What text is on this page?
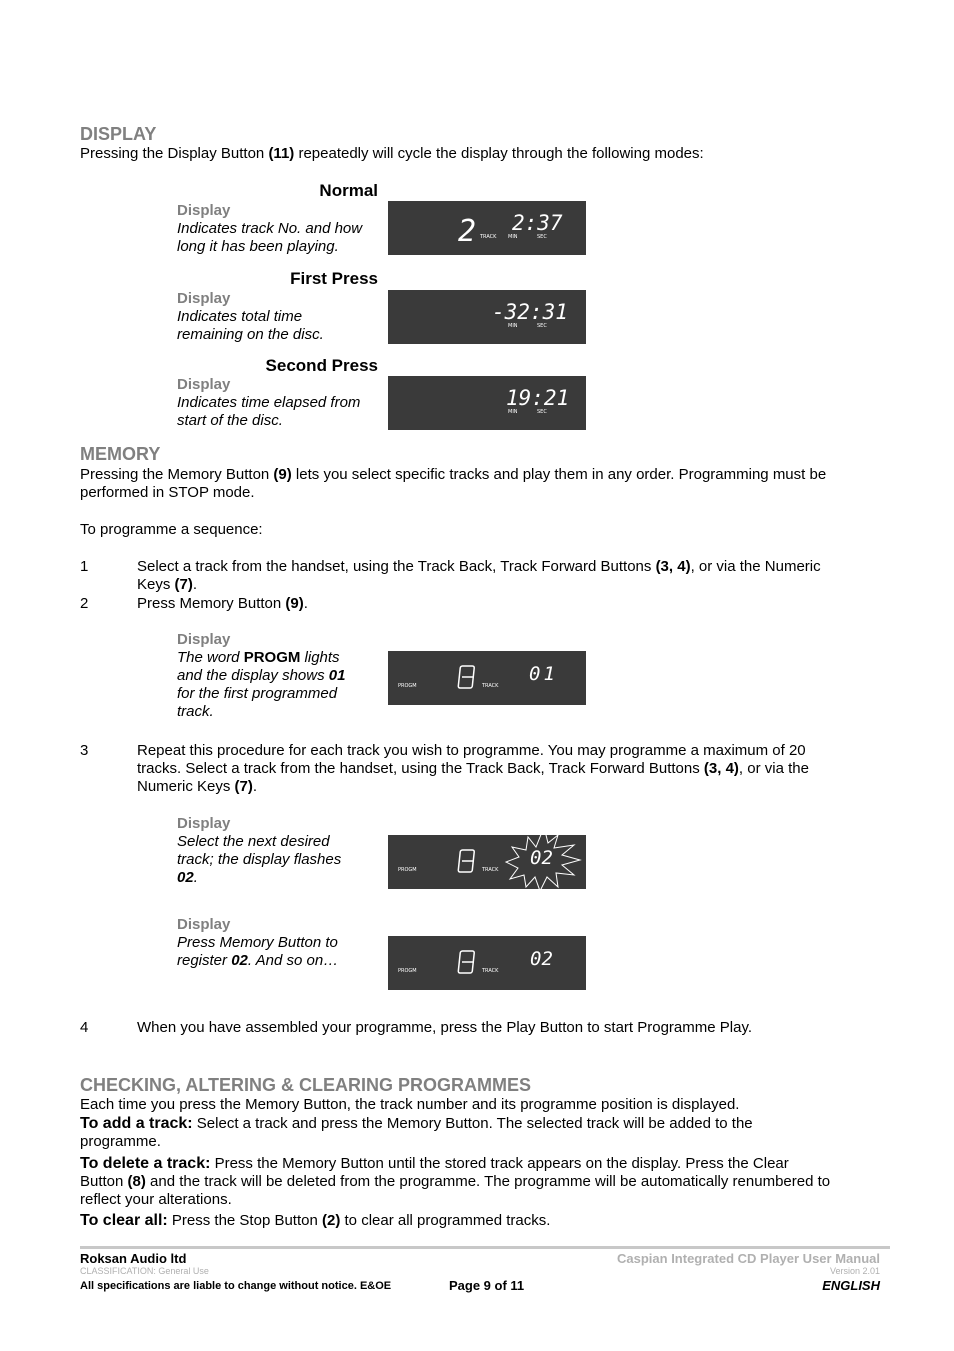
DISPLAY
Pressing the Display Button (11) repeatedly will cycle the display through the following modes:
Normal
Display
Indicates track No. and how
long it has been playing.	2 TRACK
2:37
MIN	SEC
First Press
Display
Indicates total time
remaining on the disc.
-32:31
MIN	SEC
Second Press
Display
Indicates time elapsed from
start of the disc.
19:21
MIN	SEC
MEMORY
Pressing the Memory Button (9) lets you select specific tracks and play them in any order. Programming must be
performed in STOP mode.
To programme a sequence:
1	Select a track from the handset, using the Track Back, Track Forward Buttons (3, 4), or via the Numeric
Keys (7).
2	Press Memory Button (9).
Display
The word PROGM lights
and the display shows 01
for the first programmed
track.
PROGM	TRACK
01
3	Repeat this procedure for each track you wish to programme. You may programme a maximum of 20
tracks. Select a track from the handset, using the Track Back, Track Forward Buttons (3, 4), or via the
Numeric Keys (7).
Display
Select the next desired
track; the display flashes
02.	PROGM	TRACK
02
Display
Press Memory Button to
register 02. And so on…
PROGM	TRACK
02
4	When you have assembled your programme, press the Play Button to start Programme Play.
CHECKING, ALTERING & CLEARING PROGRAMMES
Each time you press the Memory Button, the track number and its programme position is displayed.
To add a track: Select a track and press the Memory Button. The selected track will be added to the
programme.
To delete a track: Press the Memory Button until the stored track appears on the display. Press the Clear
Button (8) and the track will be deleted from the programme. The programme will be automatically renumbered to
reflect your alterations.
To clear all: Press the Stop Button (2) to clear all programmed tracks.
Roksan Audio ltd
CLASSIFICATION: General Use
All specifications are liable to change without notice. E&OE	Page 9 of 11
Caspian Integrated CD Player User Manual
Version 2.01
ENGLISH
